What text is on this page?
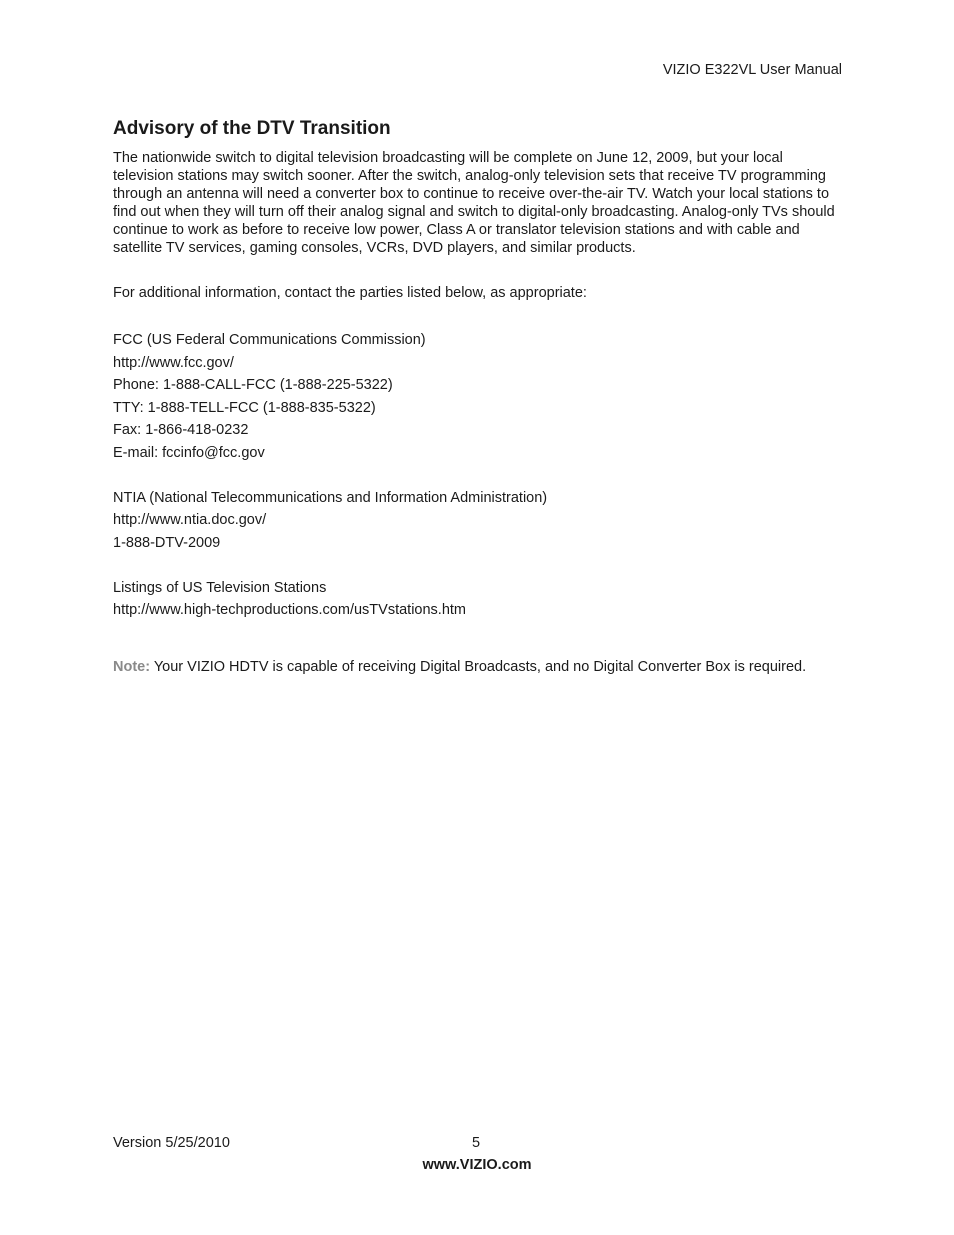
VIZIO E322VL User Manual
Advisory of the DTV Transition

The nationwide switch to digital television broadcasting will be complete on June 12, 2009, but your local television stations may switch sooner. After the switch, analog-only television sets that receive TV programming through an antenna will need a converter box to continue to receive over-the-air TV. Watch your local stations to find out when they will turn off their analog signal and switch to digital-only broadcasting. Analog-only TVs should continue to work as before to receive low power, Class A or translator television stations and with cable and satellite TV services, gaming consoles, VCRs, DVD players, and similar products.

For additional information, contact the parties listed below, as appropriate:

FCC (US Federal Communications Commission)
http://www.fcc.gov/
Phone: 1-888-CALL-FCC (1-888-225-5322)
TTY: 1-888-TELL-FCC (1-888-835-5322)
Fax: 1-866-418-0232
E-mail: fccinfo@fcc.gov
NTIA (National Telecommunications and Information Administration)
http://www.ntia.doc.gov/
1-888-DTV-2009
Listings of US Television Stations
http://www.high-techproductions.com/usTVstations.htm

Note: Your VIZIO HDTV is capable of receiving Digital Broadcasts, and no Digital Converter Box is required.

Version 5/25/2010	5
www.VIZIO.com
